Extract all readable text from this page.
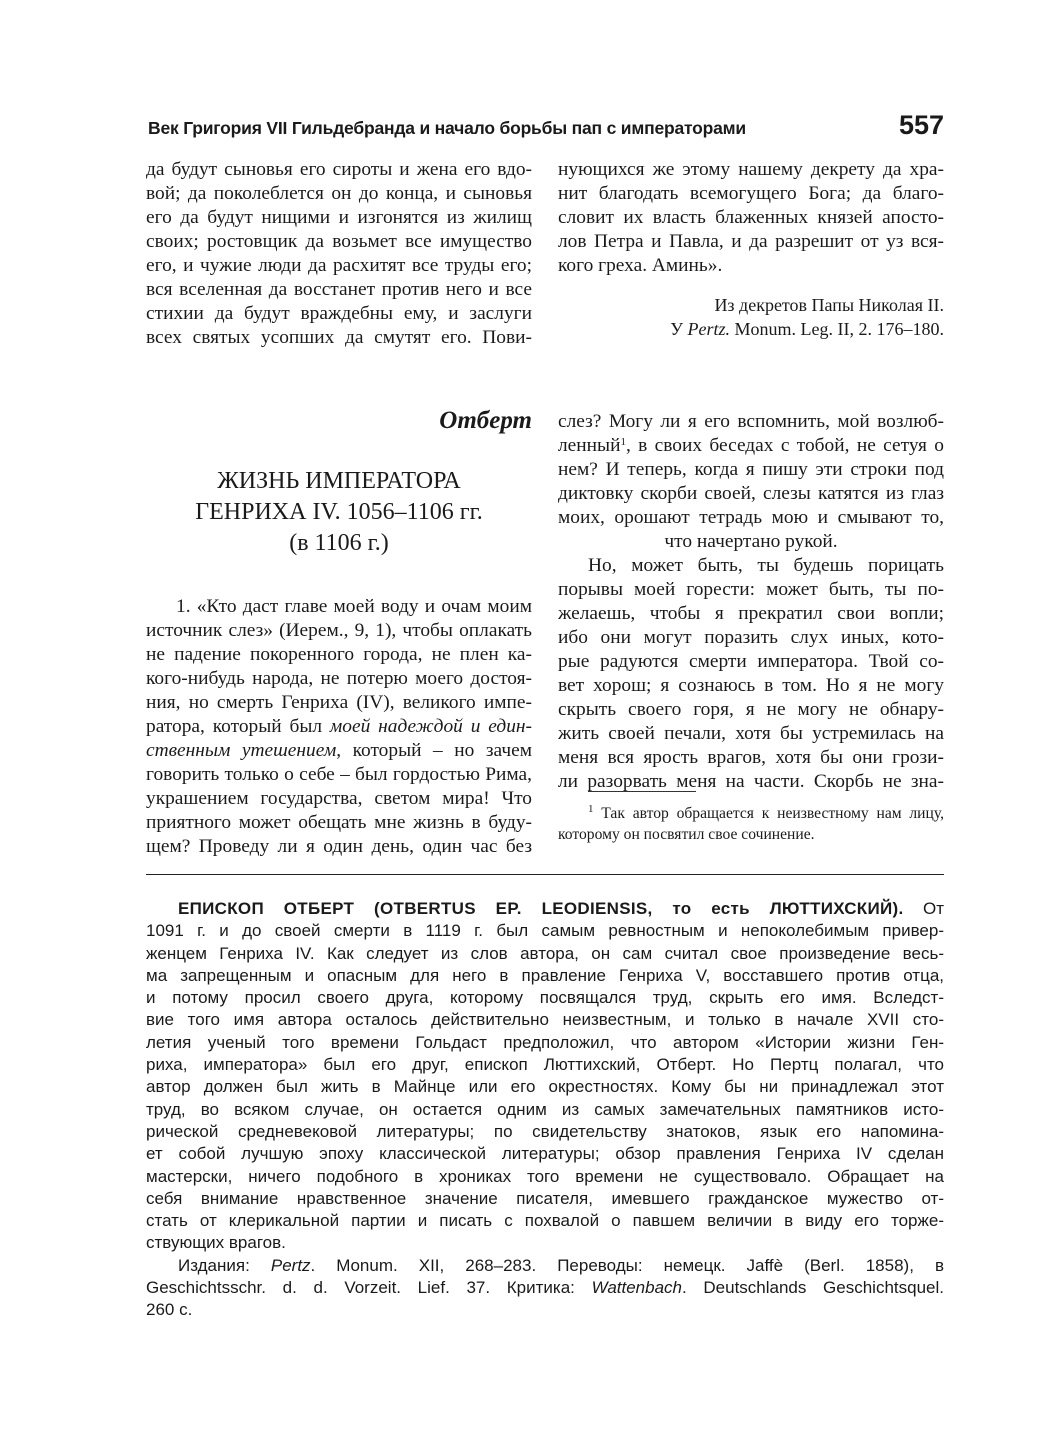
Век Григория VII Гильдебранда и начало борьбы пап с императорами	557
да будут сыновья его сироты и жена его вдо-
вой; да поколеблется он до конца, и сыновья
его да будут нищими и изгонятся из жилищ
своих; ростовщик да возьмет все имущество
его, и чужие люди да расхитят все труды его;
вся вселенная да восстанет против него и все
стихии да будут враждебны ему, и заслуги
всех святых усопших да смутят его. Пови-
нующихся же этому нашему декрету да хра-
нит благодать всемогущего Бога; да благо-
словит их власть блаженных князей апосто-
лов Петра и Павла, и да разрешит от уз вся-
кого греха. Аминь».
Из декретов Папы Николая II.
У Pertz. Monum. Leg. II, 2. 176–180.
Отберт
ЖИЗНЬ ИМПЕРАТОРА
ГЕНРИХА IV. 1056–1106 гг.
(в 1106 г.)
1. «Кто даст главе моей воду и очам моим
источник слез» (Иерем., 9, 1), чтобы оплакать
не падение покоренного города, не плен ка-
кого-нибудь народа, не потерю моего достоя-
ния, но смерть Генриха (IV), великого импе-
ратора, который был моей надеждой и един-
ственным утешением, который – но зачем
говорить только о себе – был гордостью Рима,
украшением государства, светом мира! Что
приятного может обещать мне жизнь в буду-
щем? Проведу ли я один день, один час без
слез? Могу ли я его вспомнить, мой возлюб-
ленный$^1$, в своих беседах с тобой, не сетуя о
нем? И теперь, когда я пишу эти строки под
диктовку скорби своей, слезы катятся из глаз
моих, орошают тетрадь мою и смывают то,
что начертано рукой.
Но, может быть, ты будешь порицать
порывы моей горести: может быть, ты по-
желаешь, чтобы я прекратил свои вопли;
ибо они могут поразить слух иных, кото-
рые радуются смерти императора. Твой со-
вет хорош; я сознаюсь в том. Но я не могу
скрыть своего горя, я не могу не обнару-
жить своей печали, хотя бы устремилась на
меня вся ярость врагов, хотя бы они грози-
ли разорвать меня на части. Скорбь не зна-
$^1$ Так автор обращается к неизвестному нам лицу,
которому он посвятил свое сочинение.
ЕПИСКОП ОТБЕРТ (OTBERTUS EP. LEODIENSIS, то есть ЛЮТТИХСКИЙ). От
1091 г. и до своей смерти в 1119 г. был самым ревностным и непоколебимым привер-
женцем Генриха IV. Как следует из слов автора, он сам считал свое произведение весь-
ма запрещенным и опасным для него в правление Генриха V, восставшего против отца,
и потому просил своего друга, которому посвящался труд, скрыть его имя. Вследст-
вие того имя автора осталось действительно неизвестным, и только в начале XVII сто-
летия ученый того времени Гольдаст предположил, что автором «Истории жизни Ген-
риха, императора» был его друг, епископ Люттихский, Отберт. Но Пертц полагал, что
автор должен был жить в Майнце или его окрестностях. Кому бы ни принадлежал этот
труд, во всяком случае, он остается одним из самых замечательных памятников исто-
рической средневековой литературы; по свидетельству знатоков, язык его напомина-
ет собой лучшую эпоху классической литературы; обзор правления Генриха IV сделан
мастерски, ничего подобного в хрониках того времени не существовало. Обращает на
себя внимание нравственное значение писателя, имевшего гражданское мужество от-
стать от клерикальной партии и писать с похвалой о павшем величии в виду его торже-
ствующих врагов.
Издания: Pertz. Monum. XII, 268–283. Переводы: немецк. Jaffè (Berl. 1858), в
Geschichtsschr. d. d. Vorzeit. Lief. 37. Критика: Wattenbach. Deutschlands Geschichtsquel.
260 с.
